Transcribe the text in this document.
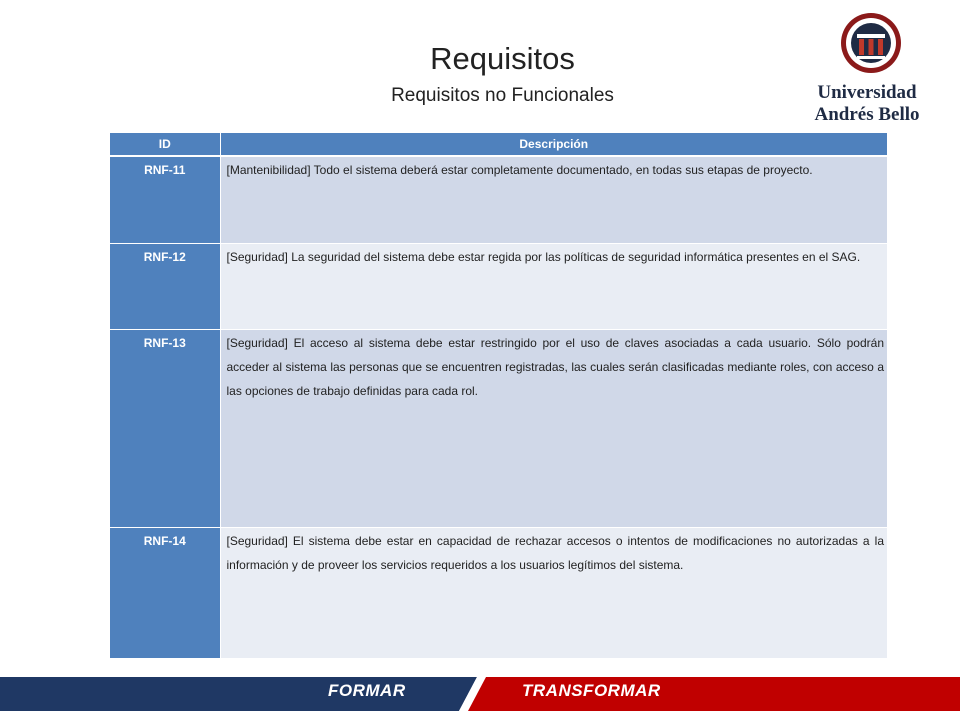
Requisitos
Requisitos no Funcionales	Universidad
Andrés Bello
ID	Descripción
RNF-11	[Mantenibilidad] Todo el sistema deberá estar completamente documentado, en todas sus etapas de proyecto.
RNF-12	[Seguridad] La seguridad del sistema debe estar regida por las políticas de seguridad informática presentes en el SAG.
RNF-13	[Seguridad] El acceso al sistema debe estar restringido por el uso de claves asociadas a cada usuario. Sólo podrán acceder al sistema las personas que se encuentren registradas, las cuales serán clasificadas mediante roles, con acceso a las opciones de trabajo definidas para cada rol.
RNF-14	[Seguridad] El sistema debe estar en capacidad de rechazar accesos o intentos de modificaciones no autorizadas a la información y de proveer los servicios requeridos a los usuarios legítimos del sistema.
FORMAR	TRANSFORMAR
